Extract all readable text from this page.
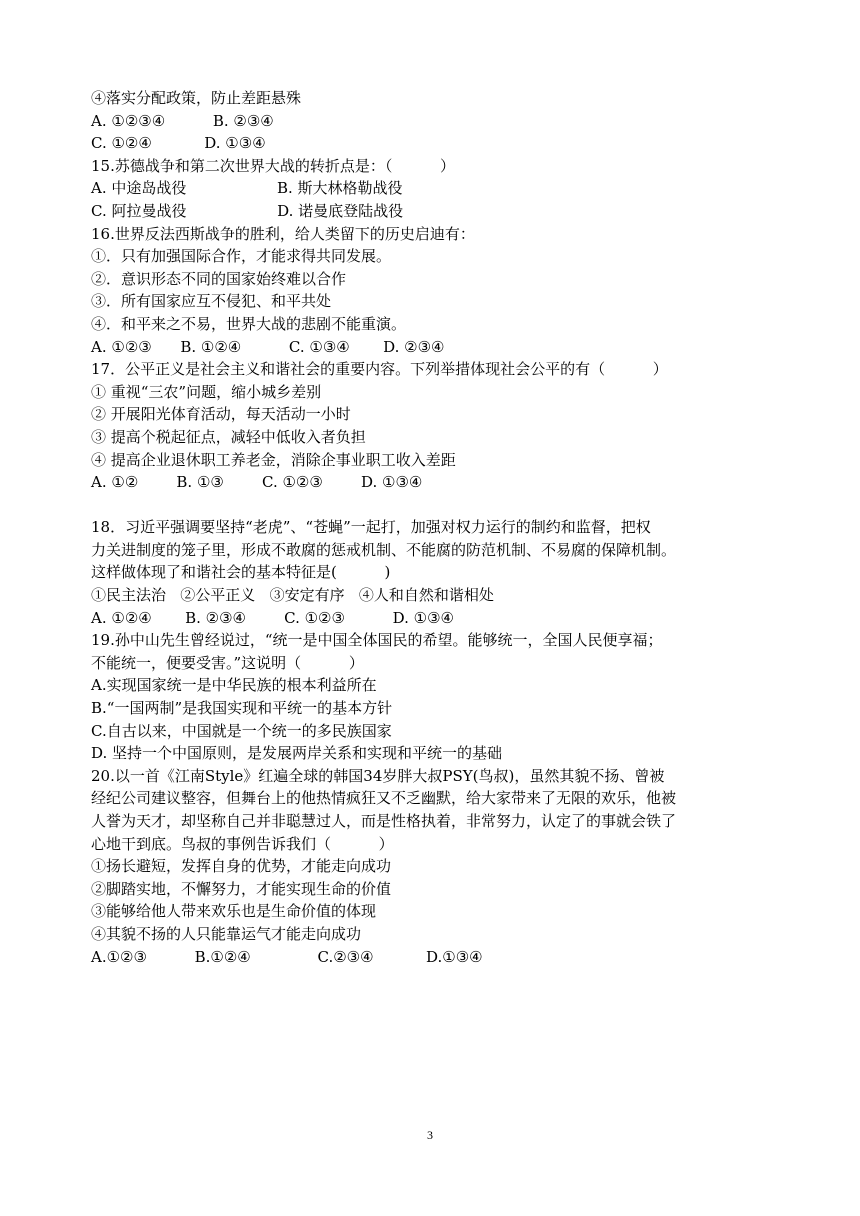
④落实分配政策，防止差距悬殊
A. ①②③④          B. ②③④
C. ①②④           D. ①③④
15.苏德战争和第二次世界大战的转折点是：（          ）
A. 中途岛战役                   B. 斯大林格勒战役
C. 阿拉曼战役                   D. 诺曼底登陆战役
16.世界反法西斯战争的胜利，给人类留下的历史启迪有：
①．只有加强国际合作，才能求得共同发展。
②．意识形态不同的国家始终难以合作
③．所有国家应互不侵犯、和平共处
④．和平来之不易，世界大战的悲剧不能重演。
A. ①②③      B. ①②④          C. ①③④       D. ②③④
17．公平正义是社会主义和谐社会的重要内容。下列举措体现社会公平的有（          ）
① 重视“三农”问题，缩小城乡差别
② 开展阳光体育活动，每天活动一小时
③ 提高个税起征点，减轻中低收入者负担
④ 提高企业退休职工养老金，消除企事业职工收入差距
A. ①②        B. ①③        C. ①②③        D. ①③④
18．习近平强调要坚持“老虎”、“苍蝇”一起打，加强对权力运行的制约和监督，把权
力关进制度的笼子里，形成不敢腐的惩戒机制、不能腐的防范机制、不易腐的保障机制。
这样做体现了和谐社会的基本特征是(          )
①民主法治   ②公平正义   ③安定有序   ④人和自然和谐相处
A. ①②④       B. ②③④        C. ①②③          D. ①③④
19.孙中山先生曾经说过，“统一是中国全体国民的希望。能够统一，全国人民便享福；
不能统一，便要受害。”这说明（          ）
A.实现国家统一是中华民族的根本利益所在
B.“一国两制”是我国实现和平统一的基本方针
C.自古以来，中国就是一个统一的多民族国家
D. 坚持一个中国原则，是发展两岸关系和实现和平统一的基础
20.以一首《江南Style》红遍全球的韩国34岁胖大叔PSY(鸟叔)，虽然其貌不扬、曾被
经纪公司建议整容，但舞台上的他热情疯狂又不乏幽默，给大家带来了无限的欢乐，他被
人誉为天才，却坚称自己并非聪慧过人，而是性格执着，非常努力，认定了的事就会铁了
心地干到底。鸟叔的事例告诉我们（          ）
①扬长避短，发挥自身的优势，才能走向成功
②脚踏实地，不懈努力，才能实现生命的价值
③能够给他人带来欢乐也是生命价值的体现
④其貌不扬的人只能靠运气才能走向成功
A.①②③          B.①②④              C.②③④           D.①③④
3
